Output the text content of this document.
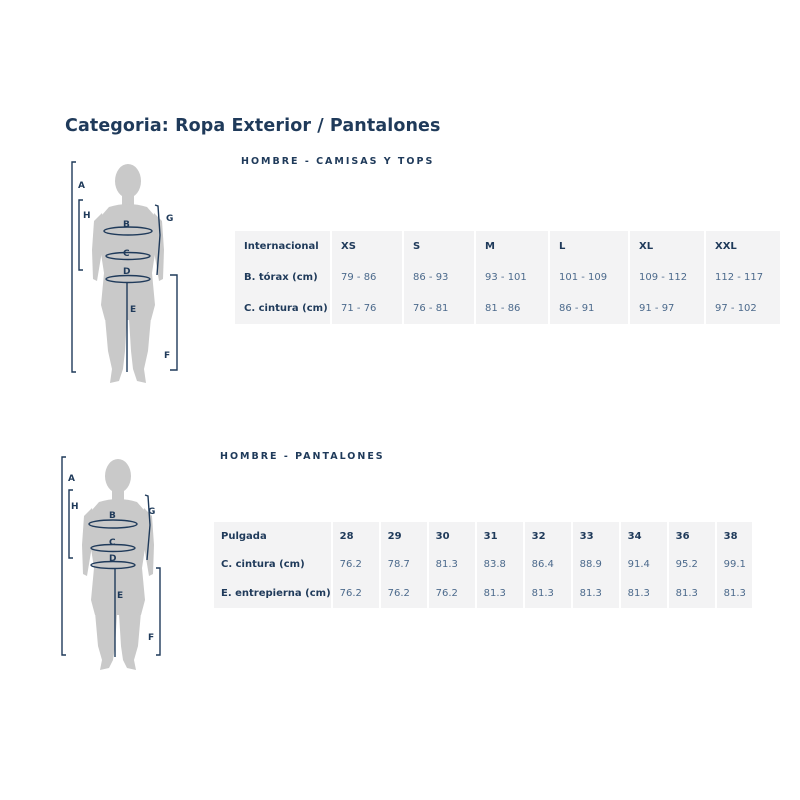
Categoria: Ropa Exterior / Pantalones
A
H
B
G
C
D
E
F
HOMBRE - CAMISAS Y TOPS
Internacional	XS	S	M	L	XL	XXL
B. tórax (cm)	79 - 86	86 - 93	93 - 101	101 - 109	109 - 112	112 - 117
C. cintura (cm)	71 - 76	76 - 81	81 - 86	86 - 91	91 - 97	97 - 102
A
H
B	G
C
D
E
F
HOMBRE - PANTALONES
Pulgada	28	29	30	31	32	33	34	36	38
C. cintura (cm)	76.2	78.7	81.3	83.8	86.4	88.9	91.4	95.2	99.1
E. entrepierna (cm)	76.2	76.2	76.2	81.3	81.3	81.3	81.3	81.3	81.3
